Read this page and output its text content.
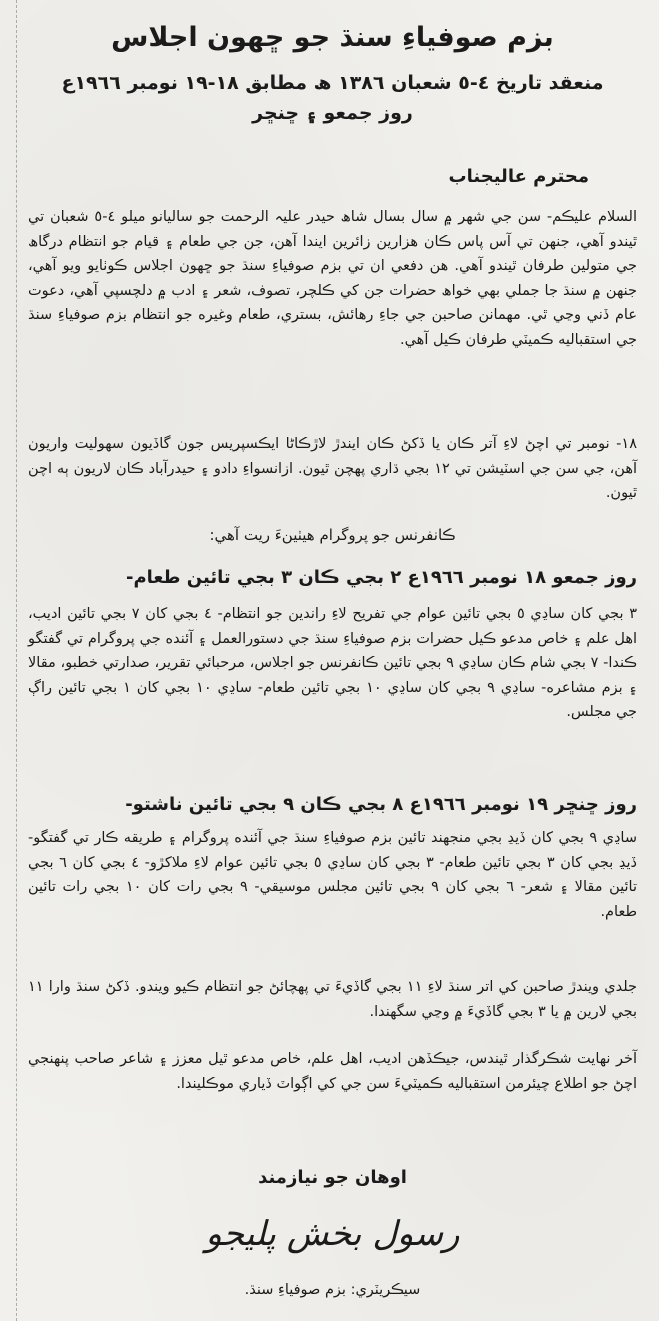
بزم صوفياءِ سنڌ جو ڇهون اجلاس
منعقد تاريخ ٤-٥ شعبان ١٣٨٦ ھ مطابق ١٨-١٩ نومبر ١٩٦٦ع
روز جمعو ۽ ڇنڇر
محترم عاليجناب
السلام عليڪم- سن جي شهر ۾ سال بسال شاھ حيدر عليہ الرحمت جو ساليانو ميلو ٤-٥ شعبان تي ٿيندو آهي، جنهن تي آس پاس ڪان هزارين زائرين ايندا آهن، جن جي طعام ۽ قيام جو انتظام درگاھ جي متولين طرفان ٿيندو آهي. هن دفعي ان تي بزم صوفياءِ سنڌ جو ڇهون اجلاس ڪوٺايو ويو آهي، جنهن ۾ سنڌ جا جملي بهي خواھ حضرات جن کي ڪلچر، تصوف، شعر ۽ ادب ۾ دلچسپي آهي، دعوت عام ڏني وڃي ٿي. مهمانن صاحبن جي جاءِ رهائش، بستري، طعام وغيره جو انتظام بزم صوفياءِ سنڌ جي استقباليه ڪميٽي طرفان ڪيل آهي.
١٨- نومبر تي اچڻ لاءِ آتر ڪان يا ڏکڻ ڪان ايندڙ لاڙڪاڻا ايڪسپريس جون گاڏيون سهوليت واريون آهن، جي سن جي اسٽيشن تي ١٢ بجي ڌاري پهچن ٿيون. ازانسواءِ دادو ۽ حيدرآباد ڪان لاريون ٻه اچن ٿيون.
ڪانفرنس جو پروگرام هيٺينءَ ريت آهي:
روز جمعو ١٨ نومبر ١٩٦٦ع ٢ بجي ڪان ٣ بجي تائين طعام-
٣ بجي کان ساڍي ٥ بجي تائين عوام جي تفريح لاءِ راندين جو انتظام- ٤ بجي کان ٧ بجي تائين اديب، اهل علم ۽ خاص مدعو ڪيل حضرات بزم صوفياءِ سنڌ جي دستورالعمل ۽ آئنده جي پروگرام تي گفتگو ڪندا- ٧ بجي شام ڪان ساڍي ٩ بجي تائين ڪانفرنس جو اجلاس، مرحبائي تقرير، صدارتي خطبو، مقالا ۽ بزم مشاعره- ساڍي ٩ بجي کان ساڍي ١٠ بجي تائين طعام- ساڍي ١٠ بجي کان ١ بجي تائين راڳ جي مجلس.
روز ڇنڇر ١٩ نومبر ١٩٦٦ع ٨ بجي ڪان ٩ بجي تائين ناشتو-
ساڍي ٩ بجي کان ڏيڍ بجي منجهند تائين بزم صوفياءِ سنڌ جي آئنده پروگرام ۽ طريقه ڪار تي گفتگو- ڏيڍ بجي کان ٣ بجي تائين طعام- ٣ بجي کان ساڍي ٥ بجي تائين عوام لاءِ ملاکڙو- ٤ بجي کان ٦ بجي تائين مقالا ۽ شعر- ٦ بجي کان ٩ بجي تائين مجلس موسيقي- ٩ بجي رات کان ١٠ بجي رات تائين طعام.
جلدي ويندڙ صاحبن کي اتر سنڌ لاءِ ١١ بجي گاڏيءَ تي پهچائڻ جو انتظام ڪيو ويندو. ڏکڻ سنڌ وارا ١١ بجي لارين ۾ يا ٣ بجي گاڏيءَ ۾ وڃي سگهندا.
آخر نهايت شڪرگذار ٿيندس، جيڪڏهن اديب، اهل علم، خاص مدعو ٿيل معزز ۽ شاعر صاحب پنهنجي اچڻ جو اطلاع چيئرمن استقباليه ڪميٽيءَ سن جي کي اڳواٽ ڏياري موڪليندا.
اوهان جو نيازمند
رسول بخش پليجو
سيڪريٽري: بزم صوفياءِ سنڌ.
